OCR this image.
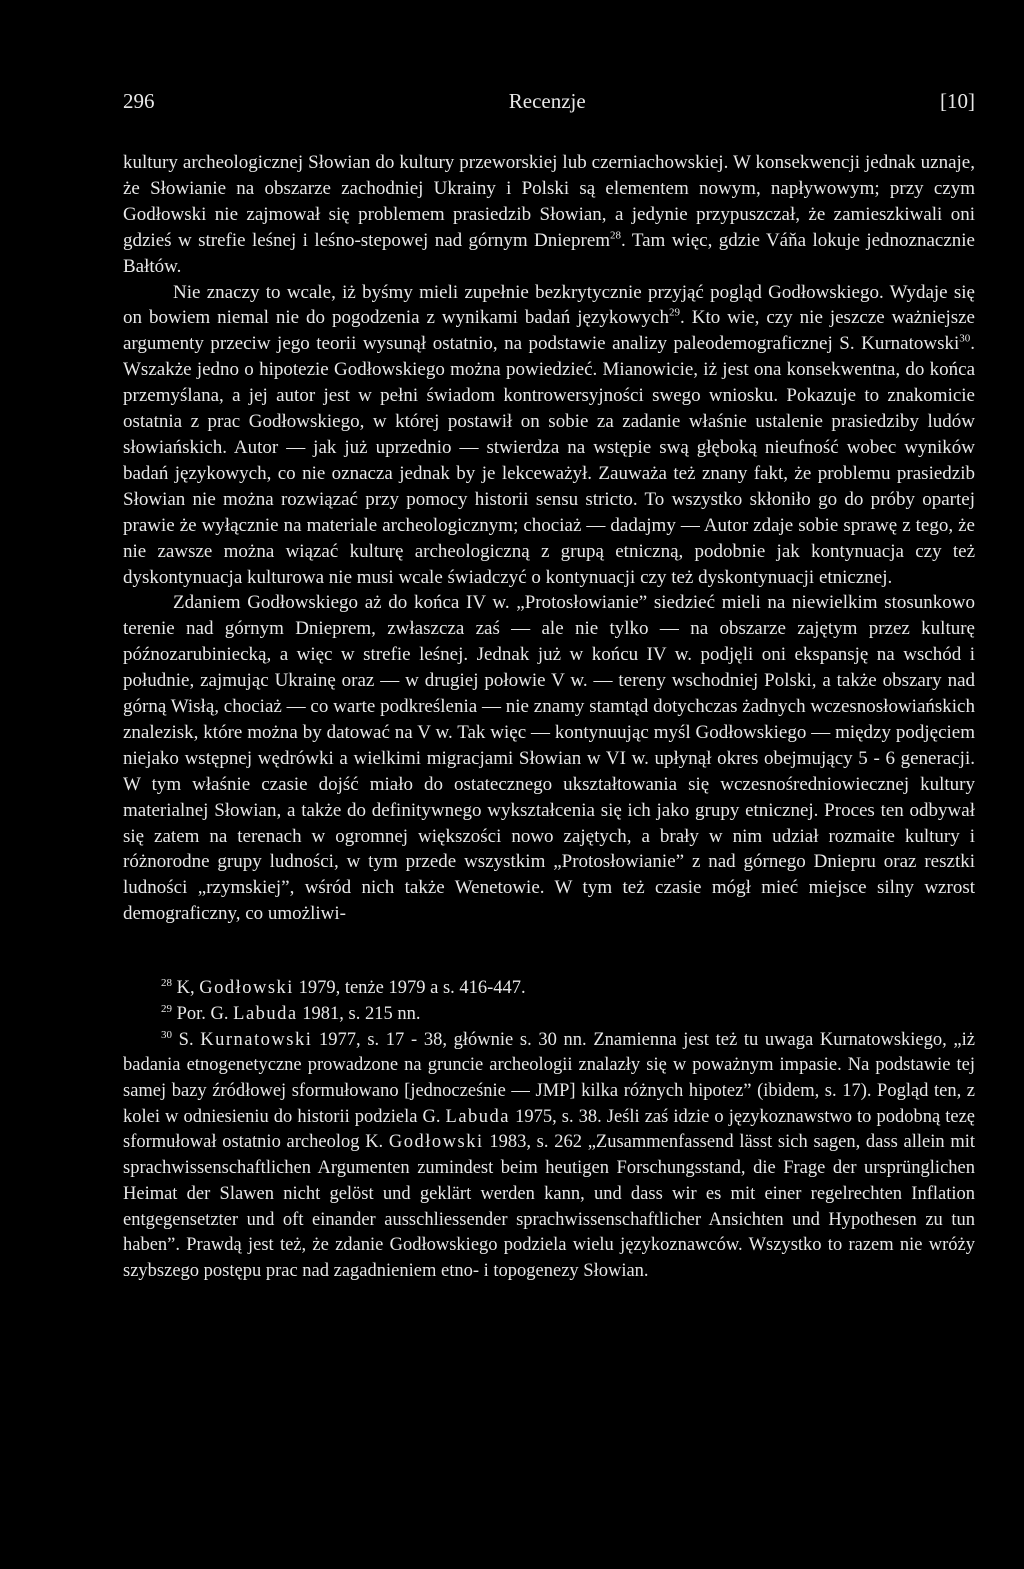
296	Recenzje	[10]

kultury archeologicznej Słowian do kultury przeworskiej lub czerniachowskiej. W konsekwencji jednak uznaje, że Słowianie na obszarze zachodniej Ukrainy i Polski są elementem nowym, napływowym; przy czym Godłowski nie zajmował się problemem prasiedzib Słowian, a jedynie przypuszczał, że zamieszkiwali oni gdzieś w strefie leśnej i leśno-stepowej nad górnym Dnieprem$^{28}$. Tam więc, gdzie Váňa lokuje jednoznacznie Bałtów.

Nie znaczy to wcale, iż byśmy mieli zupełnie bezkrytycznie przyjąć pogląd Godłowskiego. Wydaje się on bowiem niemal nie do pogodzenia z wynikami badań językowych$^{29}$. Kto wie, czy nie jeszcze ważniejsze argumenty przeciw jego teorii wysunął ostatnio, na podstawie analizy paleodemograficznej S. Kurnatowski$^{30}$. Wszakże jedno o hipotezie Godłowskiego można powiedzieć. Mianowicie, iż jest ona konsekwentna, do końca przemyślana, a jej autor jest w pełni świadom kontrowersyjności swego wniosku. Pokazuje to znakomicie ostatnia z prac Godłowskiego, w której postawił on sobie za zadanie właśnie ustalenie prasiedziby ludów słowiańskich. Autor — jak już uprzednio — stwierdza na wstępie swą głęboką nieufność wobec wyników badań językowych, co nie oznacza jednak by je lekceważył. Zauważa też znany fakt, że problemu prasiedzib Słowian nie można rozwiązać przy pomocy historii sensu stricto. To wszystko skłoniło go do próby opartej prawie że wyłącznie na materiale archeologicznym; chociaż — dadajmy — Autor zdaje sobie sprawę z tego, że nie zawsze można wiązać kulturę archeologiczną z grupą etniczną, podobnie jak kontynuacja czy też dyskontynuacja kulturowa nie musi wcale świadczyć o kontynuacji czy też dyskontynuacji etnicznej.

Zdaniem Godłowskiego aż do końca IV w. „Protosłowianie” siedzieć mieli na niewielkim stosunkowo terenie nad górnym Dnieprem, zwłaszcza zaś — ale nie tylko — na obszarze zajętym przez kulturę późnozarubiniecką, a więc w strefie leśnej. Jednak już w końcu IV w. podjęli oni ekspansję na wschód i południe, zajmując Ukrainę oraz — w drugiej połowie V w. — tereny wschodniej Polski, a także obszary nad górną Wisłą, chociaż — co warte podkreślenia — nie znamy stamtąd dotychczas żadnych wczesnosłowiańskich znalezisk, które można by datować na V w. Tak więc — kontynuując myśl Godłowskiego — między podjęciem niejako wstępnej wędrówki a wielkimi migracjami Słowian w VI w. upłynął okres obejmujący 5 - 6 generacji. W tym właśnie czasie dojść miało do ostatecznego ukształtowania się wczesnośredniowiecznej kultury materialnej Słowian, a także do definitywnego wykształcenia się ich jako grupy etnicznej. Proces ten odbywał się zatem na terenach w ogromnej większości nowo zajętych, a brały w nim udział rozmaite kultury i różnorodne grupy ludności, w tym przede wszystkim „Protosłowianie” z nad górnego Dniepru oraz resztki ludności „rzymskiej”, wśród nich także Wenetowie. W tym też czasie mógł mieć miejsce silny wzrost demograficzny, co umożliwi-

$^{28}$ K, Godłowski 1979, tenże 1979 a s. 416-447.

$^{29}$ Por. G. Labuda 1981, s. 215 nn.

$^{30}$ S. Kurnatowski 1977, s. 17 - 38, głównie s. 30 nn. Znamienna jest też tu uwaga Kurnatowskiego, „iż badania etnogenetyczne prowadzone na gruncie archeologii znalazły się w poważnym impasie. Na podstawie tej samej bazy źródłowej sformułowano [jednocześnie — JMP] kilka różnych hipotez” (ibidem, s. 17). Pogląd ten, z kolei w odniesieniu do historii podziela G. Labuda 1975, s. 38. Jeśli zaś idzie o językoznawstwo to podobną tezę sformułował ostatnio archeolog K. Godłowski 1983, s. 262 „Zusammenfassend lässt sich sagen, dass allein mit sprachwissenschaftlichen Argumenten zumindest beim heutigen Forschungsstand, die Frage der ursprünglichen Heimat der Slawen nicht gelöst und geklärt werden kann, und dass wir es mit einer regelrechten Inflation entgegensetzter und oft einander ausschliessender sprachwissenschaftlicher Ansichten und Hypothesen zu tun haben”. Prawdą jest też, że zdanie Godłowskiego podziela wielu językoznawców. Wszystko to razem nie wróży szybszego postępu prac nad zagadnieniem etno- i topogenezy Słowian.
